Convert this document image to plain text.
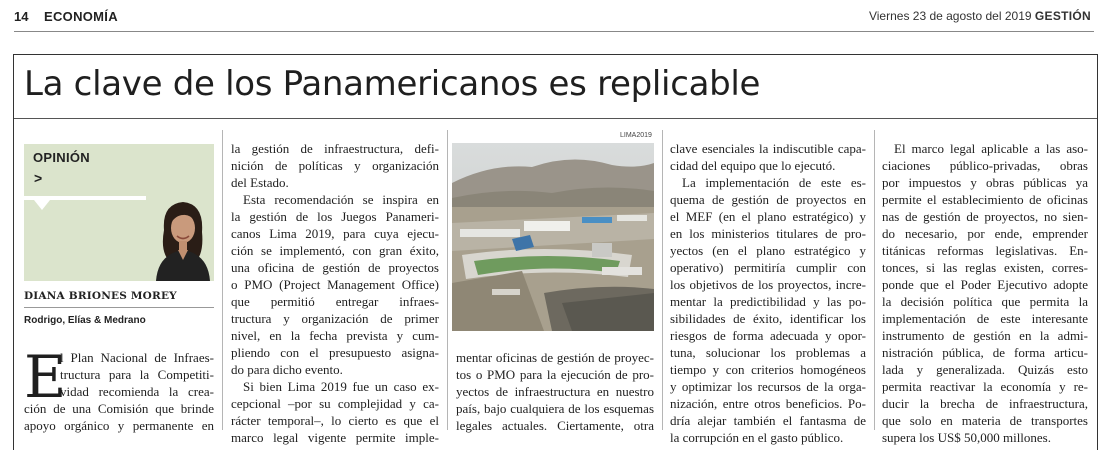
14 ECONOMÍA	Viernes 23 de agosto del 2019 GESTIÓN
La clave de los Panamericanos es replicable
OPINIÓN
>
DIANA BRIONES MOREY
Rodrigo, Elías & Medrano
E
l Plan Nacional de Infraes-
tructura para la Competiti-
vidad recomienda la crea-
ción de una Comisión que brinde
apoyo orgánico y permanente en
la gestión de infraestructura, defi-
nición de políticas y organización
del Estado.
Esta recomendación se inspira en
la gestión de los Juegos Panameri-
canos Lima 2019, para cuya ejecu-
ción se implementó, con gran éxito,
una oficina de gestión de proyectos
o PMO (Project Management Office)
que permitió entregar infraes-
tructura y organización de primer
nivel, en la fecha prevista y cum-
pliendo con el presupuesto asigna-
do para dicho evento.
Si bien Lima 2019 fue un caso ex-
cepcional –por su complejidad y ca-
rácter temporal–, lo cierto es que el
marco legal vigente permite imple-
LIMA2019
mentar oficinas de gestión de proyec-
tos o PMO para la ejecución de pro-
yectos de infraestructura en nuestro
país, bajo cualquiera de los esquemas
legales actuales. Ciertamente, otra
clave esenciales la indiscutible capa-
cidad del equipo que lo ejecutó.
La implementación de este es-
quema de gestión de proyectos en
el MEF (en el plano estratégico) y
en los ministerios titulares de pro-
yectos (en el plano estratégico y
operativo) permitiría cumplir con
los objetivos de los proyectos, incre-
mentar la predictibilidad y las po-
sibilidades de éxito, identificar los
riesgos de forma adecuada y opor-
tuna, solucionar los problemas a
tiempo y con criterios homogéneos
y optimizar los recursos de la orga-
nización, entre otros beneficios. Po-
dría alejar también el fantasma de
la corrupción en el gasto público.
El marco legal aplicable a las aso-
ciaciones público-privadas, obras
por impuestos y obras públicas ya
permite el establecimiento de oficinas
nas de gestión de proyectos, no sien-
do necesario, por ende, emprender
titánicas reformas legislativas. En-
tonces, si las reglas existen, corres-
ponde que el Poder Ejecutivo adopte
la decisión política que permita la
implementación de este interesante
instrumento de gestión en la admi-
nistración pública, de forma articu-
lada y generalizada. Quizás esto
permita reactivar la economía y re-
ducir la brecha de infraestructura,
que solo en materia de transportes
supera los US$ 50,000 millones.
